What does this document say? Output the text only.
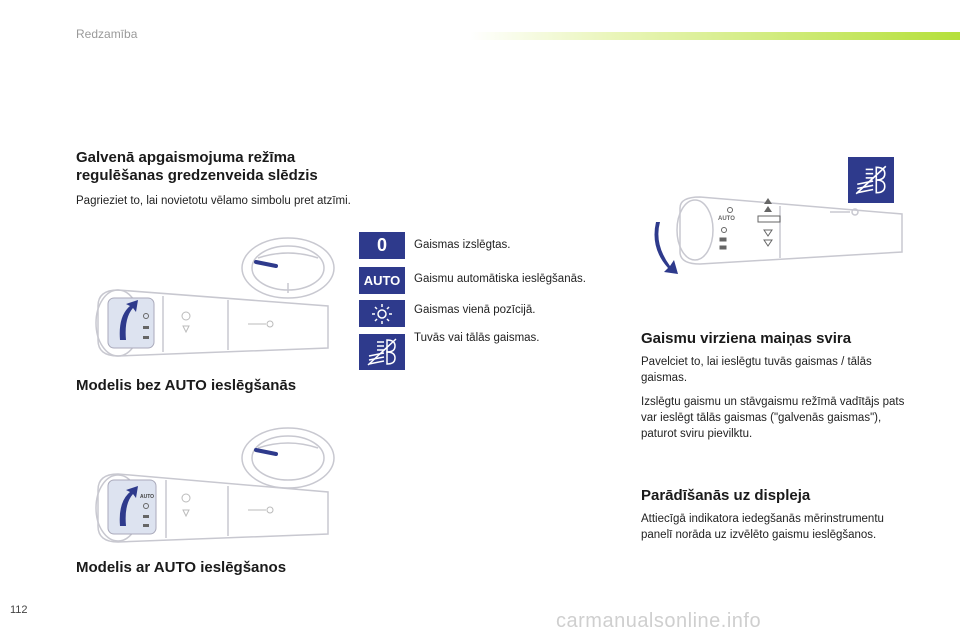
Redzamība
Galvenā apgaismojuma režīma
regulēšanas gredzenveida slēdzis

Pagrieziet to, lai novietotu vēlamo simbolu pret atzīmi.

0
AUTO
Gaismas izslēgtas.
Gaismu automātiska ieslēgšanās.
Gaismas vienā pozīcijā.
Tuvās vai tālās gaismas.
Modelis bez AUTO ieslēgšanās
AUTO
Modelis ar AUTO ieslēgšanos
AUTO
Gaismu virziena maiņas svira

Pavelciet to, lai ieslēgtu tuvās gaismas / tālās gaismas.

Izslēgtu gaismu un stāvgaismu režīmā vadītājs pats var ieslēgt tālās gaismas ("galvenās gaismas"), paturot sviru pievilktu.

Parādīšanās uz displeja

Attiecīgā indikatora iedegšanās mērinstrumentu panelī norāda uz izvēlēto gaismu ieslēgšanos.

112	carmanualsonline.info
